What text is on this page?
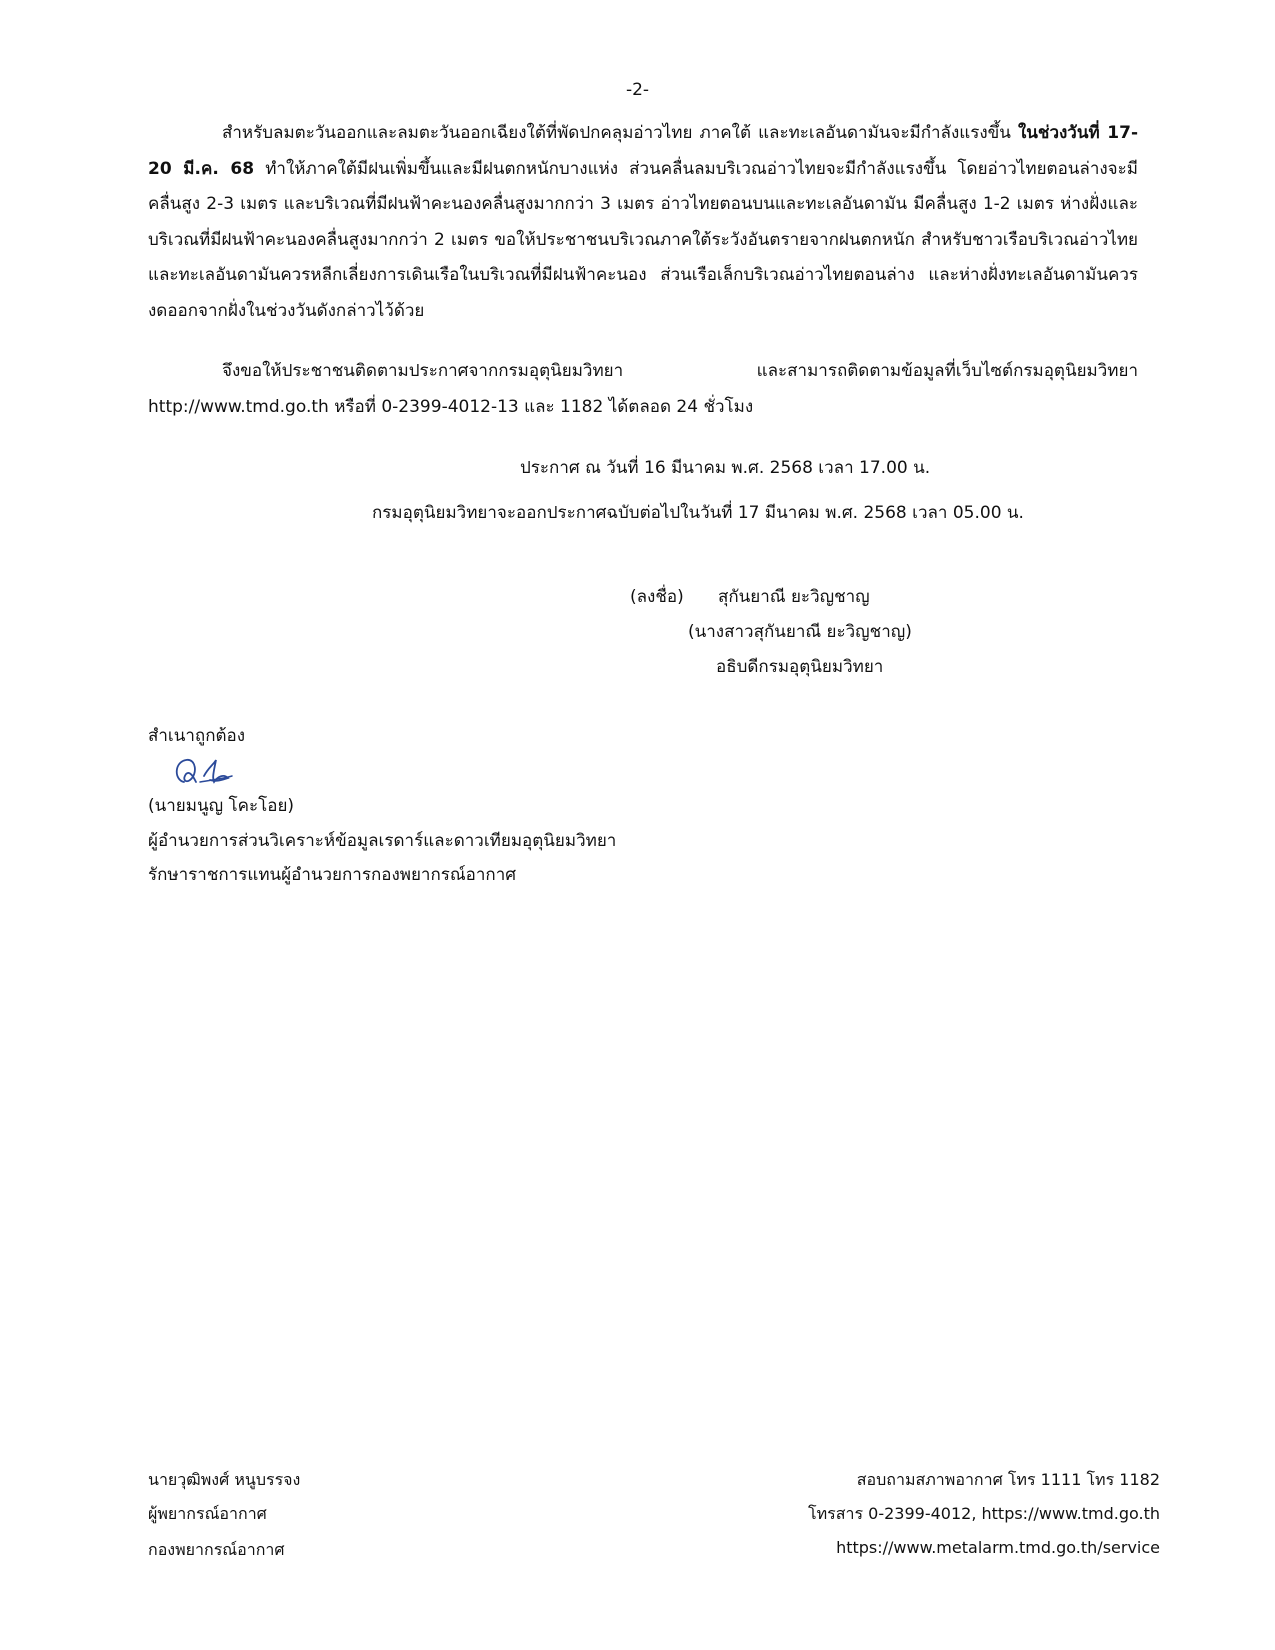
-2-
สำหรับลมตะวันออกและลมตะวันออกเฉียงใต้ที่พัดปกคลุมอ่าวไทย ภาคใต้ และทะเลอันดามันจะมีกำลังแรงขึ้น ในช่วงวันที่ 17-20 มี.ค. 68 ทำให้ภาคใต้มีฝนเพิ่มขึ้นและมีฝนตกหนักบางแห่ง ส่วนคลื่นลมบริเวณอ่าวไทยจะมีกำลังแรงขึ้น โดยอ่าวไทยตอนล่างจะมีคลื่นสูง 2-3 เมตร และบริเวณที่มีฝนฟ้าคะนองคลื่นสูงมากกว่า 3 เมตร อ่าวไทยตอนบนและทะเลอันดามัน มีคลื่นสูง 1-2 เมตร ห่างฝั่งและบริเวณที่มีฝนฟ้าคะนองคลื่นสูงมากกว่า 2 เมตร ขอให้ประชาชนบริเวณภาคใต้ระวังอันตรายจากฝนตกหนัก สำหรับชาวเรือบริเวณอ่าวไทยและทะเลอันดามันควรหลีกเลี่ยงการเดินเรือในบริเวณที่มีฝนฟ้าคะนอง ส่วนเรือเล็กบริเวณอ่าวไทยตอนล่าง และห่างฝั่งทะเลอันดามันควรงดออกจากฝั่งในช่วงวันดังกล่าวไว้ด้วย
จึงขอให้ประชาชนติดตามประกาศจากกรมอุตุนิยมวิทยา และสามารถติดตามข้อมูลที่เว็บไซต์กรมอุตุนิยมวิทยา http://www.tmd.go.th หรือที่ 0-2399-4012-13 และ 1182 ได้ตลอด 24 ชั่วโมง
ประกาศ ณ วันที่ 16 มีนาคม พ.ศ. 2568 เวลา 17.00 น.
กรมอุตุนิยมวิทยาจะออกประกาศฉบับต่อไปในวันที่ 17 มีนาคม พ.ศ. 2568 เวลา 05.00 น.
(ลงชื่อ) สุกันยาณี ยะวิญชาญ
(นางสาวสุกันยาณี ยะวิญชาญ)
อธิบดีกรมอุตุนิยมวิทยา
สำเนาถูกต้อง
(นายมนูญ โคะโอย)
ผู้อำนวยการส่วนวิเคราะห์ข้อมูลเรดาร์และดาวเทียมอุตุนิยมวิทยา
รักษาราชการแทนผู้อำนวยการกองพยากรณ์อากาศ
นายวุฒิพงศ์ หนูบรรจง
ผู้พยากรณ์อากาศ
กองพยากรณ์อากาศ
สอบถามสภาพอากาศ โทร 1111 โทร 1182
โทรสาร 0-2399-4012, https://www.tmd.go.th
https://www.metalarm.tmd.go.th/service
